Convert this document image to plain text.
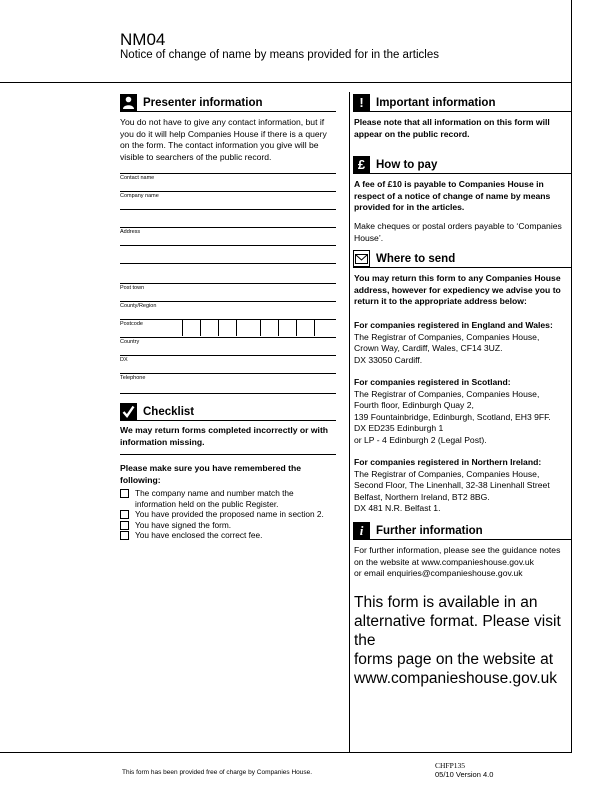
NM04
Notice of change of name by means provided for in the articles
Presenter information
You do not have to give any contact information, but if you do it will help Companies House if there is a query on the form. The contact information you give will be visible to searchers of the public record.
Contact name
Company name
Address
Post town
County/Region
Postcode
Country
DX
Telephone
Checklist
We may return forms completed incorrectly or with information missing.
Please make sure you have remembered the following:
The company name and number match the information held on the public Register.
You have provided the proposed name in section 2.
You have signed the form.
You have enclosed the correct fee.
!	Important information
Please note that all information on this form will appear on the public record.
£ How to pay
A fee of £10 is payable to Companies House in respect of a notice of change of name by means provided for in the articles.
Make cheques or postal orders payable to ‘Companies House’.
Where to send
You may return this form to any Companies House address, however for expediency we advise you to return it to the appropriate address below:
For companies registered in England and Wales:
The Registrar of Companies, Companies House,
Crown Way, Cardiff, Wales, CF14 3UZ.
DX 33050 Cardiff.
For companies registered in Scotland:
The Registrar of Companies, Companies House,
Fourth floor, Edinburgh Quay 2,
139 Fountainbridge, Edinburgh, Scotland, EH3 9FF.
DX ED235 Edinburgh 1
or LP - 4 Edinburgh 2 (Legal Post).
For companies registered in Northern Ireland:
The Registrar of Companies, Companies House,
Second Floor, The Linenhall, 32-38 Linenhall Street
Belfast, Northern Ireland, BT2 8BG.
DX 481 N.R. Belfast 1.
i	Further information
For further information, please see the guidance notes
on the website at www.companieshouse.gov.uk
or email enquiries@companieshouse.gov.uk
This form is available in an
alternative format. Please visit the
forms page on the website at
www.companieshouse.gov.uk
This form has been provided free of charge by Companies House.
CHFP135
05/10 Version 4.0
